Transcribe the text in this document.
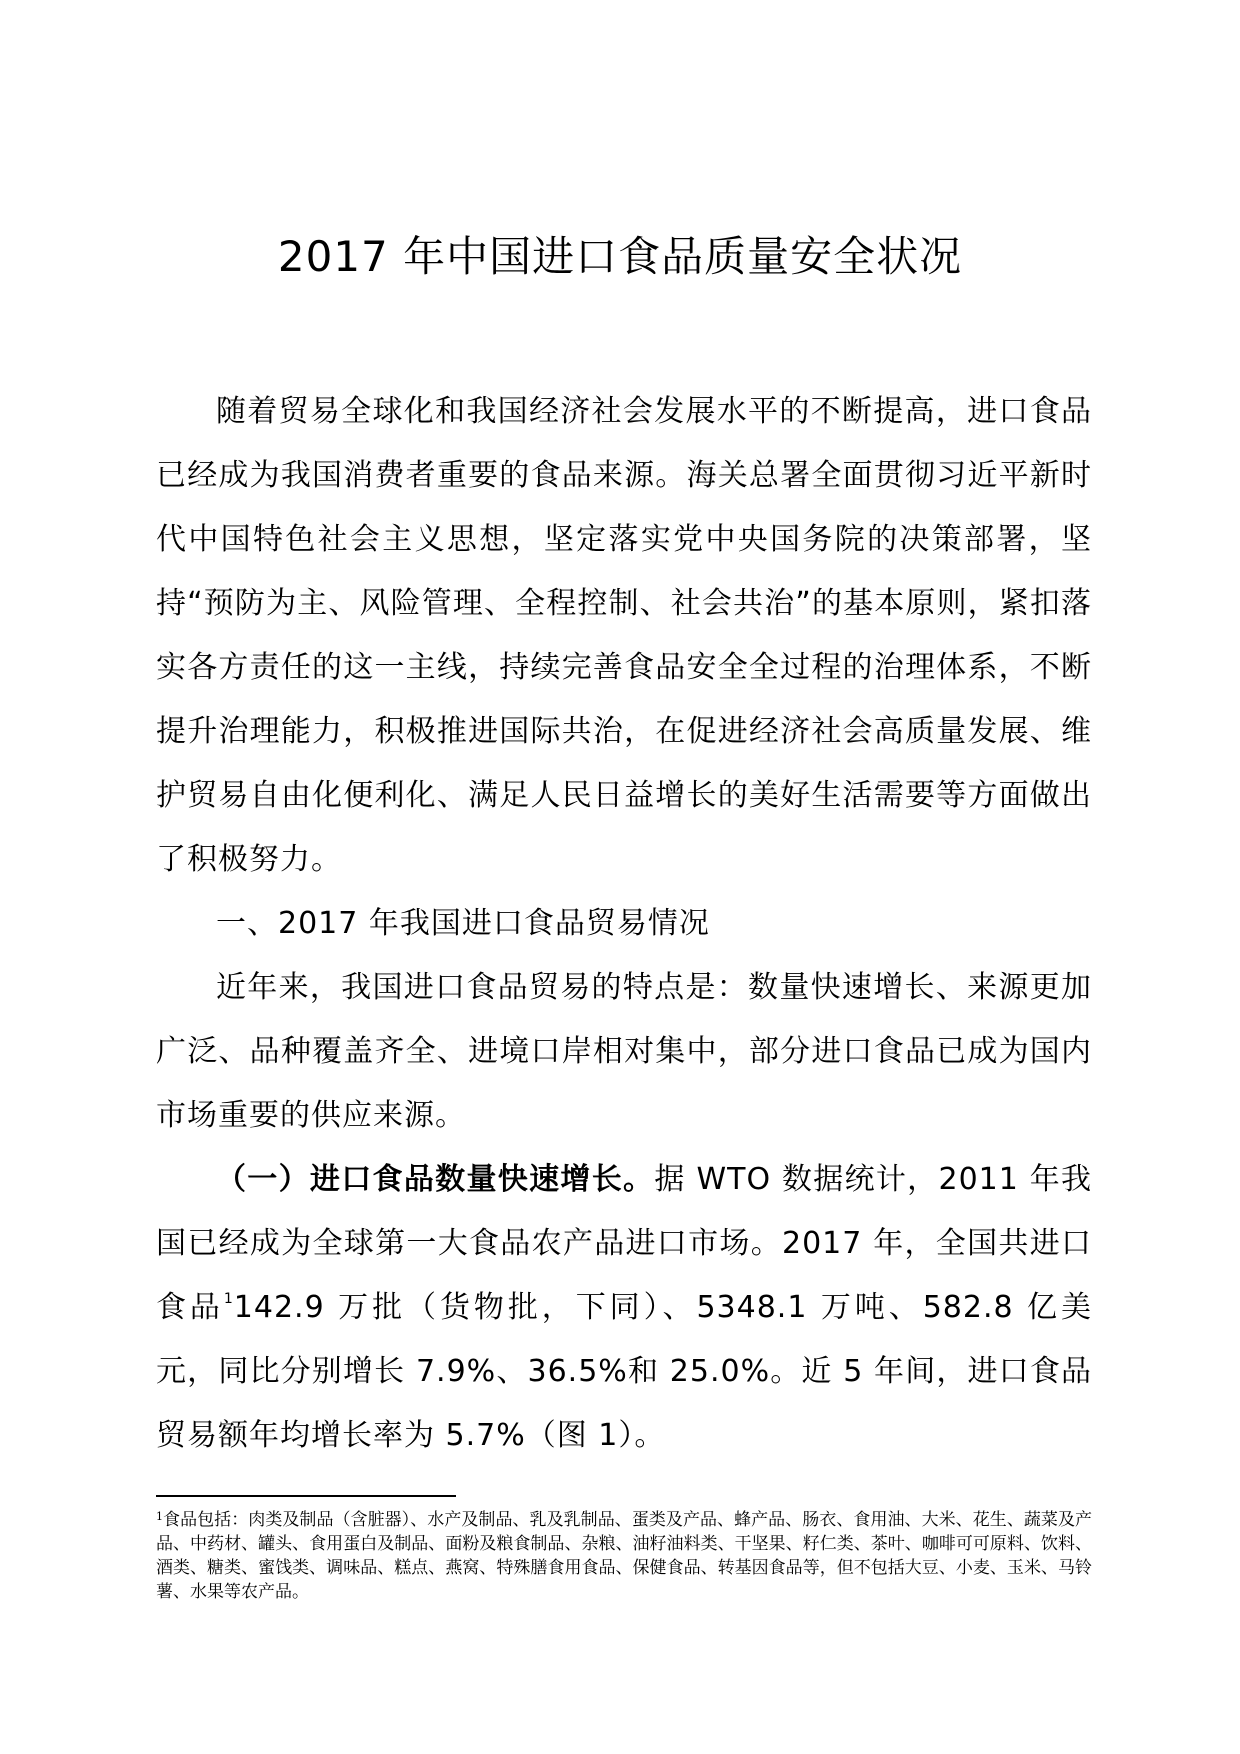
2017 年中国进口食品质量安全状况

随着贸易全球化和我国经济社会发展水平的不断提高，进口食品已经成为我国消费者重要的食品来源。海关总署全面贯彻习近平新时代中国特色社会主义思想，坚定落实党中央国务院的决策部署，坚持“预防为主、风险管理、全程控制、社会共治”的基本原则，紧扣落实各方责任的这一主线，持续完善食品安全全过程的治理体系，不断提升治理能力，积极推进国际共治，在促进经济社会高质量发展、维护贸易自由化便利化、满足人民日益增长的美好生活需要等方面做出了积极努力。

一、2017 年我国进口食品贸易情况

近年来，我国进口食品贸易的特点是：数量快速增长、来源更加广泛、品种覆盖齐全、进境口岸相对集中，部分进口食品已成为国内市场重要的供应来源。

（一）进口食品数量快速增长。据 WTO 数据统计，2011 年我国已经成为全球第一大食品农产品进口市场。2017 年，全国共进口食品$^1$142.9 万批（货物批，下同）、5348.1 万吨、582.8 亿美元，同比分别增长 7.9%、36.5%和 25.0%。近 5 年间，进口食品贸易额年均增长率为 5.7%（图 1）。

$^1$食品包括：肉类及制品（含脏器）、水产及制品、乳及乳制品、蛋类及产品、蜂产品、肠衣、食用油、大米、花生、蔬菜及产品、中药材、罐头、食用蛋白及制品、面粉及粮食制品、杂粮、油籽油料类、干坚果、籽仁类、茶叶、咖啡可可原料、饮料、酒类、糖类、蜜饯类、调味品、糕点、燕窝、特殊膳食用食品、保健食品、转基因食品等，但不包括大豆、小麦、玉米、马铃薯、水果等农产品。
